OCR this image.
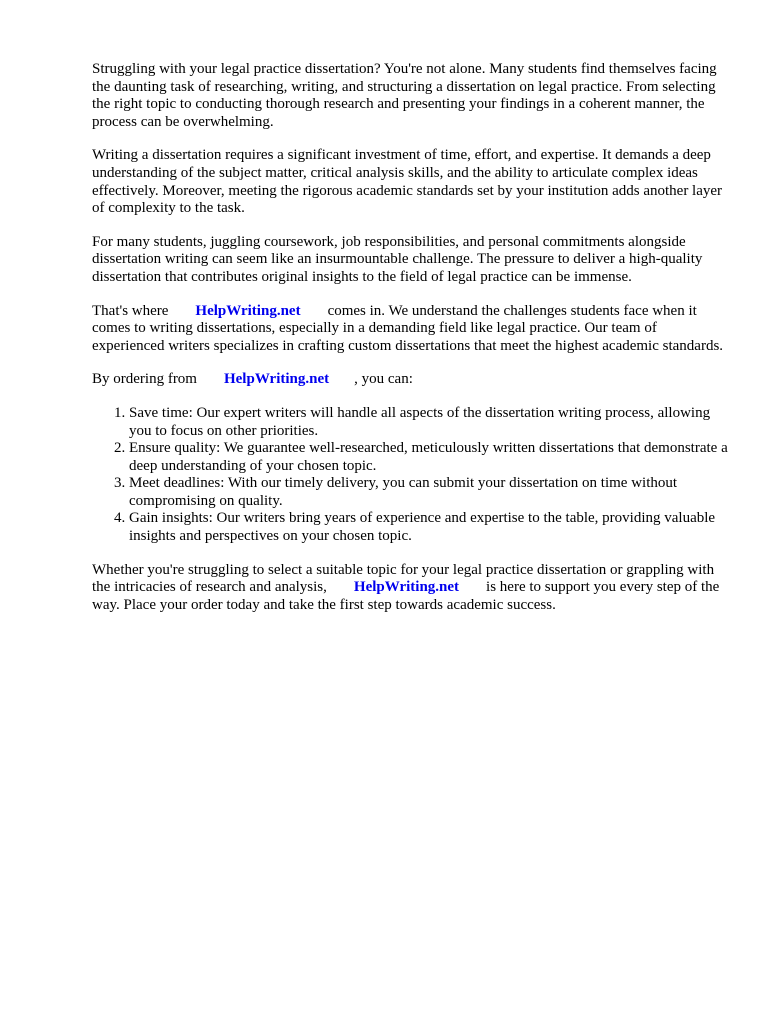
Struggling with your legal practice dissertation? You're not alone. Many students find themselves facing the daunting task of researching, writing, and structuring a dissertation on legal practice. From selecting the right topic to conducting thorough research and presenting your findings in a coherent manner, the process can be overwhelming.

Writing a dissertation requires a significant investment of time, effort, and expertise. It demands a deep understanding of the subject matter, critical analysis skills, and the ability to articulate complex ideas effectively. Moreover, meeting the rigorous academic standards set by your institution adds another layer of complexity to the task.

For many students, juggling coursework, job responsibilities, and personal commitments alongside dissertation writing can seem like an insurmountable challenge. The pressure to deliver a high-quality dissertation that contributes original insights to the field of legal practice can be immense.

That's where HelpWriting.net comes in. We understand the challenges students face when it comes to writing dissertations, especially in a demanding field like legal practice. Our team of experienced writers specializes in crafting custom dissertations that meet the highest academic standards.

By ordering from HelpWriting.net , you can:

1. Save time: Our expert writers will handle all aspects of the dissertation writing process, allowing you to focus on other priorities.
2. Ensure quality: We guarantee well-researched, meticulously written dissertations that demonstrate a deep understanding of your chosen topic.
3. Meet deadlines: With our timely delivery, you can submit your dissertation on time without compromising on quality.
4. Gain insights: Our writers bring years of experience and expertise to the table, providing valuable insights and perspectives on your chosen topic.

Whether you're struggling to select a suitable topic for your legal practice dissertation or grappling with the intricacies of research and analysis, HelpWriting.net is here to support you every step of the way. Place your order today and take the first step towards academic success.
